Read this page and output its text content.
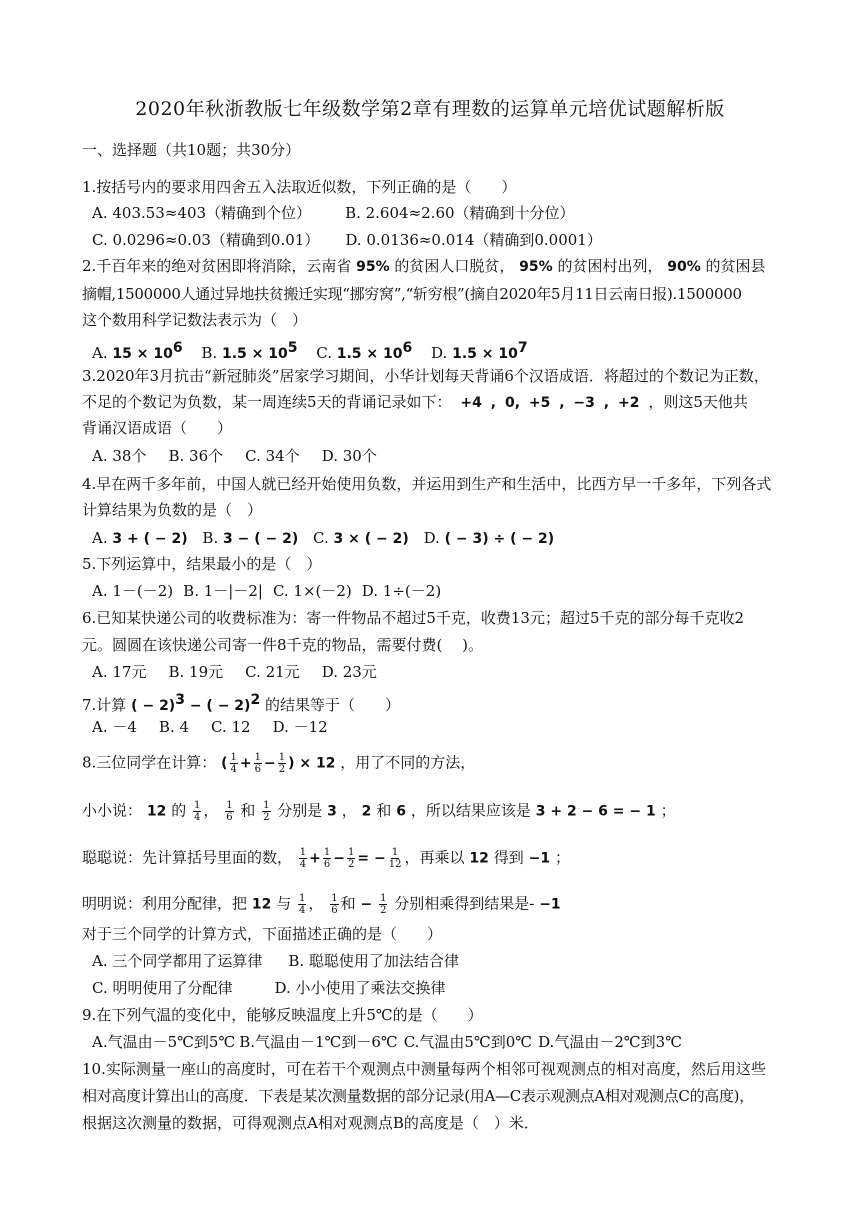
2020年秋浙教版七年级数学第2章有理数的运算单元培优试题解析版
一、选择题（共10题；共30分）
1.按括号内的要求用四舍五入法取近似数，下列正确的是（　　）
A. 403.53≈403（精确到个位） B. 2.604≈2.60（精确到十分位）
C. 0.0296≈0.03（精确到0.01） D. 0.0136≈0.014（精确到0.0001）
2.千百年来的绝对贫困即将消除，云南省 95% 的贫困人口脱贫， 95% 的贫困村出列， 90% 的贫困县
摘帽,1500000人通过异地扶贫搬迁实现“挪穷窝”,“斩穷根”(摘自2020年5月11日云南日报).1500000
这个数用科学记数法表示为（　）
A. $15 \times 10^6$ B. $1.5 \times 10^5$ C. $1.5 \times 10^6$ D. $1.5 \times 10^7$
3.2020年3月抗击“新冠肺炎”居家学习期间，小华计划每天背诵6个汉语成语．将超过的个数记为正数，
不足的个数记为负数，某一周连续5天的背诵记录如下： +4 , 0, +5 , −3 , +2 ，则这5天他共
背诵汉语成语（　　）
A. 38个 B. 36个 C. 34个 D. 30个
4.早在两千多年前，中国人就已经开始使用负数，并运用到生产和生活中，比西方早一千多年，下列各式
计算结果为负数的是（　）
A. 3 + ( − 2) B. 3 − ( − 2) C. 3 × ( − 2) D. ( − 3) ÷ ( − 2)
5.下列运算中，结果最小的是（　）
A. 1－(－2) B. 1－|－2| C. 1×(－2) D. 1÷(－2)
6.已知某快递公司的收费标准为：寄一件物品不超过5千克，收费13元；超过5千克的部分每千克收2
元。圆圆在该快递公司寄一件8千克的物品，需要付费(　 )。
A. 17元 B. 19元 C. 21元 D. 23元
7.计算 ( − 2)$^3$ − ( − 2)$^2$ 的结果等于（　　）
A. －4 B. 4 C. 12 D. －12
8.三位同学在计算： ( $\frac{1}{4} + \frac{1}{6} - \frac{1}{2}$ ) × 12 ，用了不同的方法，
小小说： 12 的 $\frac{1}{4}$ ， $\frac{1}{6}$ 和 $\frac{1}{2}$ 分别是 3 ， 2 和 6 ，所以结果应该是 3 + 2 − 6 = − 1 ；
聪聪说：先计算括号里面的数， $\frac{1}{4} + \frac{1}{6} - \frac{1}{2}$ = − $\frac{1}{12}$ ，再乘以 12 得到 −1 ；
明明说：利用分配律，把 12 与 $\frac{1}{4}$ ， $\frac{1}{6}$ 和 − $\frac{1}{2}$ 分别相乘得到结果是- −1
对于三个同学的计算方式，下面描述正确的是（　　）
A. 三个同学都用了运算律 B. 聪聪使用了加法结合律
C. 明明使用了分配律	D. 小小使用了乘法交换律
9.在下列气温的变化中，能够反映温度上升5℃的是（　　）
A.气温由－5℃到5℃ B.气温由－1℃到－6℃ C.气温由5℃到0℃ D.气温由－2℃到3℃
10.实际测量一座山的高度时，可在若干个观测点中测量每两个相邻可视观测点的相对高度，然后用这些
相对高度计算出山的高度．下表是某次测量数据的部分记录(用A—C表示观测点A相对观测点C的高度)，
根据这次测量的数据，可得观测点A相对观测点B的高度是（　）米．
